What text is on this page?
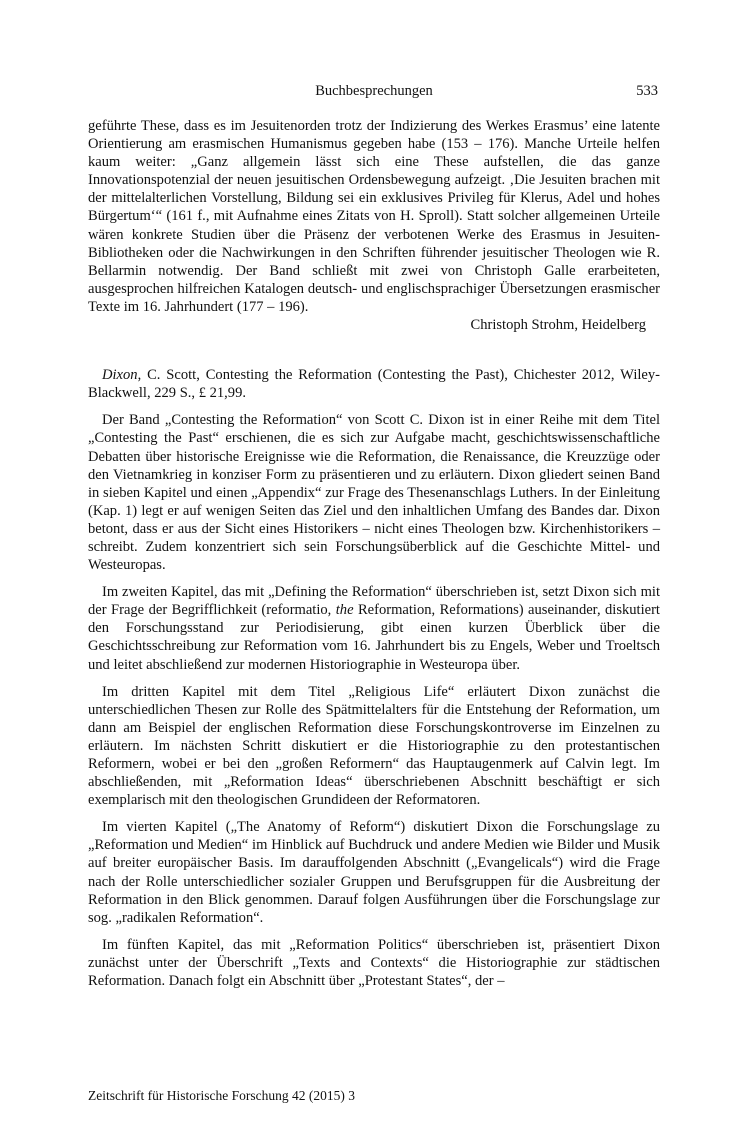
Buchbesprechungen	533

geführte These, dass es im Jesuitenorden trotz der Indizierung des Werkes Erasmus’ eine latente Orientierung am erasmischen Humanismus gegeben habe (153 – 176). Manche Urteile helfen kaum weiter: „Ganz allgemein lässt sich eine These aufstellen, die das ganze Innovationspotenzial der neuen jesuitischen Ordensbewegung aufzeigt. ‚Die Jesuiten brachen mit der mittelalterlichen Vorstellung, Bildung sei ein exklusives Privileg für Klerus, Adel und hohes Bürgertum‘“ (161 f., mit Aufnahme eines Zitats von H. Sproll). Statt solcher allgemeinen Urteile wären konkrete Studien über die Präsenz der verbotenen Werke des Erasmus in Jesuiten-Bibliotheken oder die Nachwirkungen in den Schriften führender jesuitischer Theologen wie R. Bellarmin notwendig. Der Band schließt mit zwei von Christoph Galle erarbeiteten, ausgesprochen hilfreichen Katalogen deutsch- und englischsprachiger Übersetzungen erasmischer Texte im 16. Jahrhundert (177 – 196).

Christoph Strohm, Heidelberg

Dixon, C. Scott, Contesting the Reformation (Contesting the Past), Chichester 2012, Wiley-Blackwell, 229 S., £ 21,99.

Der Band „Contesting the Reformation“ von Scott C. Dixon ist in einer Reihe mit dem Titel „Contesting the Past“ erschienen, die es sich zur Aufgabe macht, geschichtswissenschaftliche Debatten über historische Ereignisse wie die Reformation, die Renaissance, die Kreuzzüge oder den Vietnamkrieg in konziser Form zu präsentieren und zu erläutern. Dixon gliedert seinen Band in sieben Kapitel und einen „Appendix“ zur Frage des Thesenanschlags Luthers. In der Einleitung (Kap. 1) legt er auf wenigen Seiten das Ziel und den inhaltlichen Umfang des Bandes dar. Dixon betont, dass er aus der Sicht eines Historikers – nicht eines Theologen bzw. Kirchenhistorikers – schreibt. Zudem konzentriert sich sein Forschungsüberblick auf die Geschichte Mittel- und Westeuropas.

Im zweiten Kapitel, das mit „Defining the Reformation“ überschrieben ist, setzt Dixon sich mit der Frage der Begrifflichkeit (reformatio, the Reformation, Reformations) auseinander, diskutiert den Forschungsstand zur Periodisierung, gibt einen kurzen Überblick über die Geschichtsschreibung zur Reformation vom 16. Jahrhundert bis zu Engels, Weber und Troeltsch und leitet abschließend zur modernen Historiographie in Westeuropa über.

Im dritten Kapitel mit dem Titel „Religious Life“ erläutert Dixon zunächst die unterschiedlichen Thesen zur Rolle des Spätmittelalters für die Entstehung der Reformation, um dann am Beispiel der englischen Reformation diese Forschungskontroverse im Einzelnen zu erläutern. Im nächsten Schritt diskutiert er die Historiographie zu den protestantischen Reformern, wobei er bei den „großen Reformern“ das Hauptaugenmerk auf Calvin legt. Im abschließenden, mit „Reformation Ideas“ überschriebenen Abschnitt beschäftigt er sich exemplarisch mit den theologischen Grundideen der Reformatoren.

Im vierten Kapitel („The Anatomy of Reform“) diskutiert Dixon die Forschungslage zu „Reformation und Medien“ im Hinblick auf Buchdruck und andere Medien wie Bilder und Musik auf breiter europäischer Basis. Im darauffolgenden Abschnitt („Evangelicals“) wird die Frage nach der Rolle unterschiedlicher sozialer Gruppen und Berufsgruppen für die Ausbreitung der Reformation in den Blick genommen. Darauf folgen Ausführungen über die Forschungslage zur sog. „radikalen Reformation“.

Im fünften Kapitel, das mit „Reformation Politics“ überschrieben ist, präsentiert Dixon zunächst unter der Überschrift „Texts and Contexts“ die Historiographie zur städtischen Reformation. Danach folgt ein Abschnitt über „Protestant States“, der –

Zeitschrift für Historische Forschung 42 (2015) 3
